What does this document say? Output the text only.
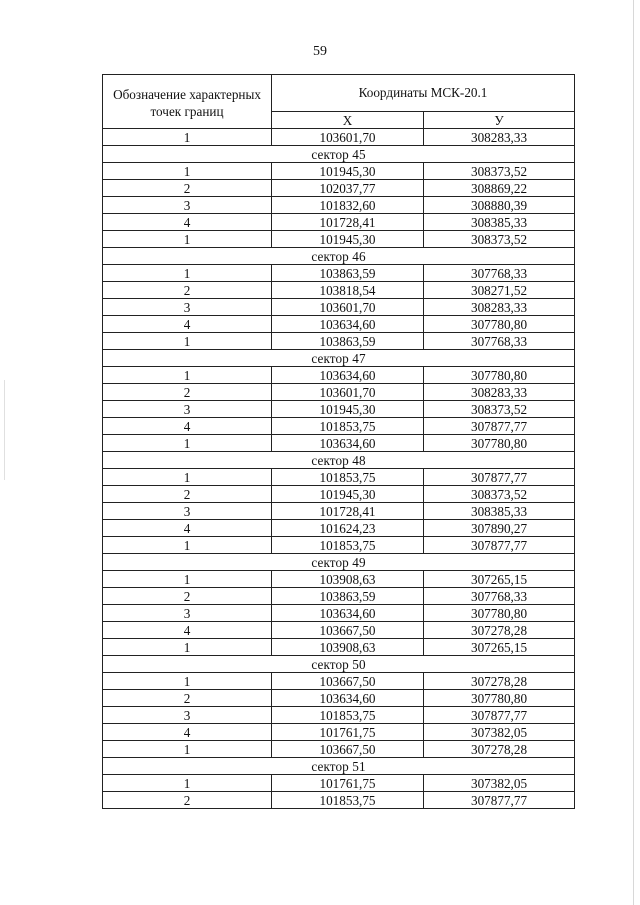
59
Обозначение характерных точек границ	Координаты МСК-20.1	
	Х	У
1	103601,70	308283,33
сектор 45		
1	101945,30	308373,52
2	102037,77	308869,22
3	101832,60	308880,39
4	101728,41	308385,33
1	101945,30	308373,52
сектор 46		
1	103863,59	307768,33
2	103818,54	308271,52
3	103601,70	308283,33
4	103634,60	307780,80
1	103863,59	307768,33
сектор 47		
1	103634,60	307780,80
2	103601,70	308283,33
3	101945,30	308373,52
4	101853,75	307877,77
1	103634,60	307780,80
сектор 48		
1	101853,75	307877,77
2	101945,30	308373,52
3	101728,41	308385,33
4	101624,23	307890,27
1	101853,75	307877,77
сектор 49		
1	103908,63	307265,15
2	103863,59	307768,33
3	103634,60	307780,80
4	103667,50	307278,28
1	103908,63	307265,15
сектор 50		
1	103667,50	307278,28
2	103634,60	307780,80
3	101853,75	307877,77
4	101761,75	307382,05
1	103667,50	307278,28
сектор 51		
1	101761,75	307382,05
2	101853,75	307877,77
